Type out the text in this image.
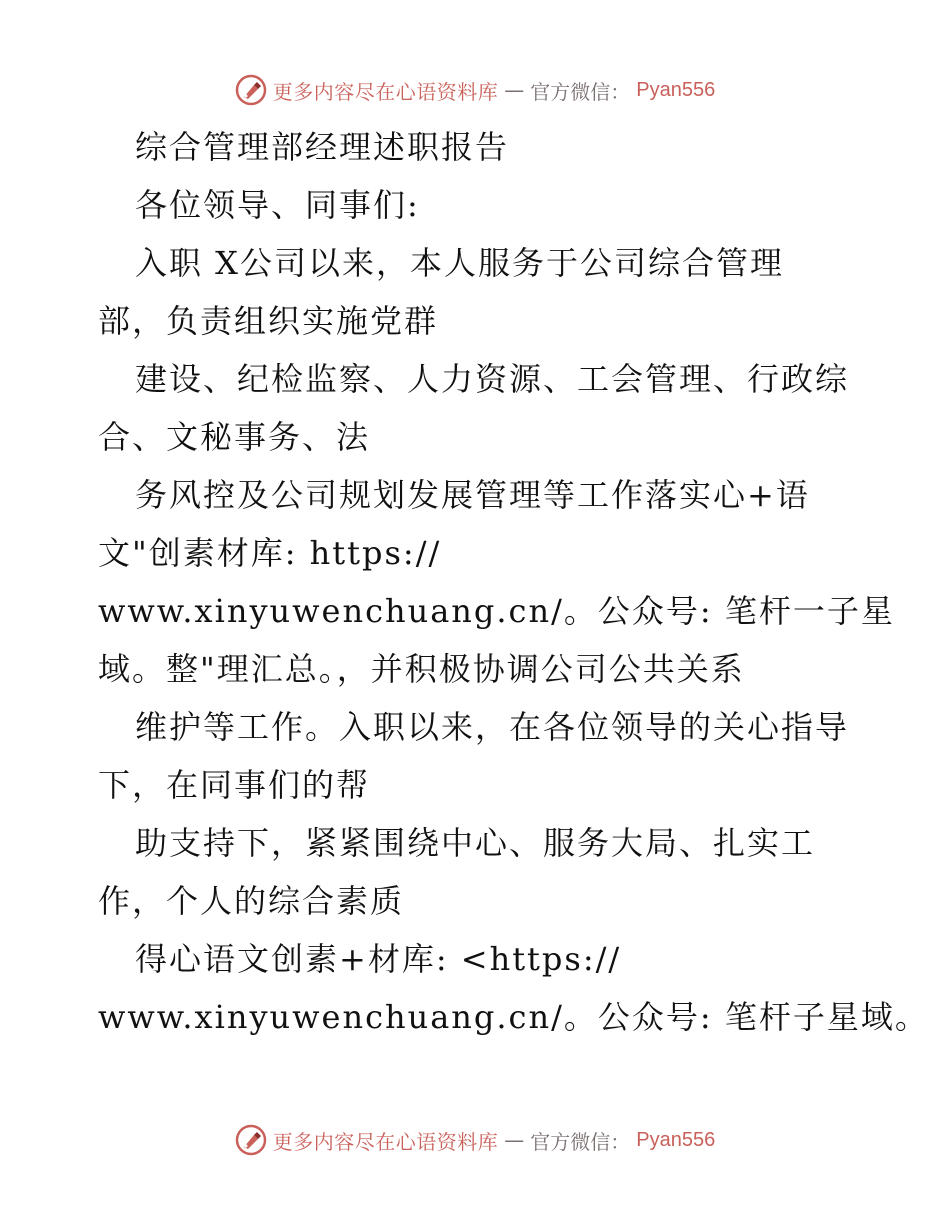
更多内容尽在心语资料库 — 官方微信： Pyan556
综合管理部经理述职报告
各位领导、同事们:
入职 X公司以来，本人服务于公司综合管理
部，负责组织实施党群
建设、纪检监察、人力资源、工会管理、行政综
合、文秘事务、法
务风控及公司规划发展管理等工作落实心+语
文"创素材库: https://
www.xinyuwenchuang.cn/。公众号: 笔杆一子星
域。整"理汇总。，并积极协调公司公共关系
维护等工作。入职以来，在各位领导的关心指导
下，在同事们的帮
助支持下，紧紧围绕中心、服务大局、扎实工
作，个人的综合素质
得心语文创素+材库: <https://
www.xinyuwenchuang.cn/。公众号: 笔杆子星域。
更多内容尽在心语资料库 — 官方微信： Pyan556
